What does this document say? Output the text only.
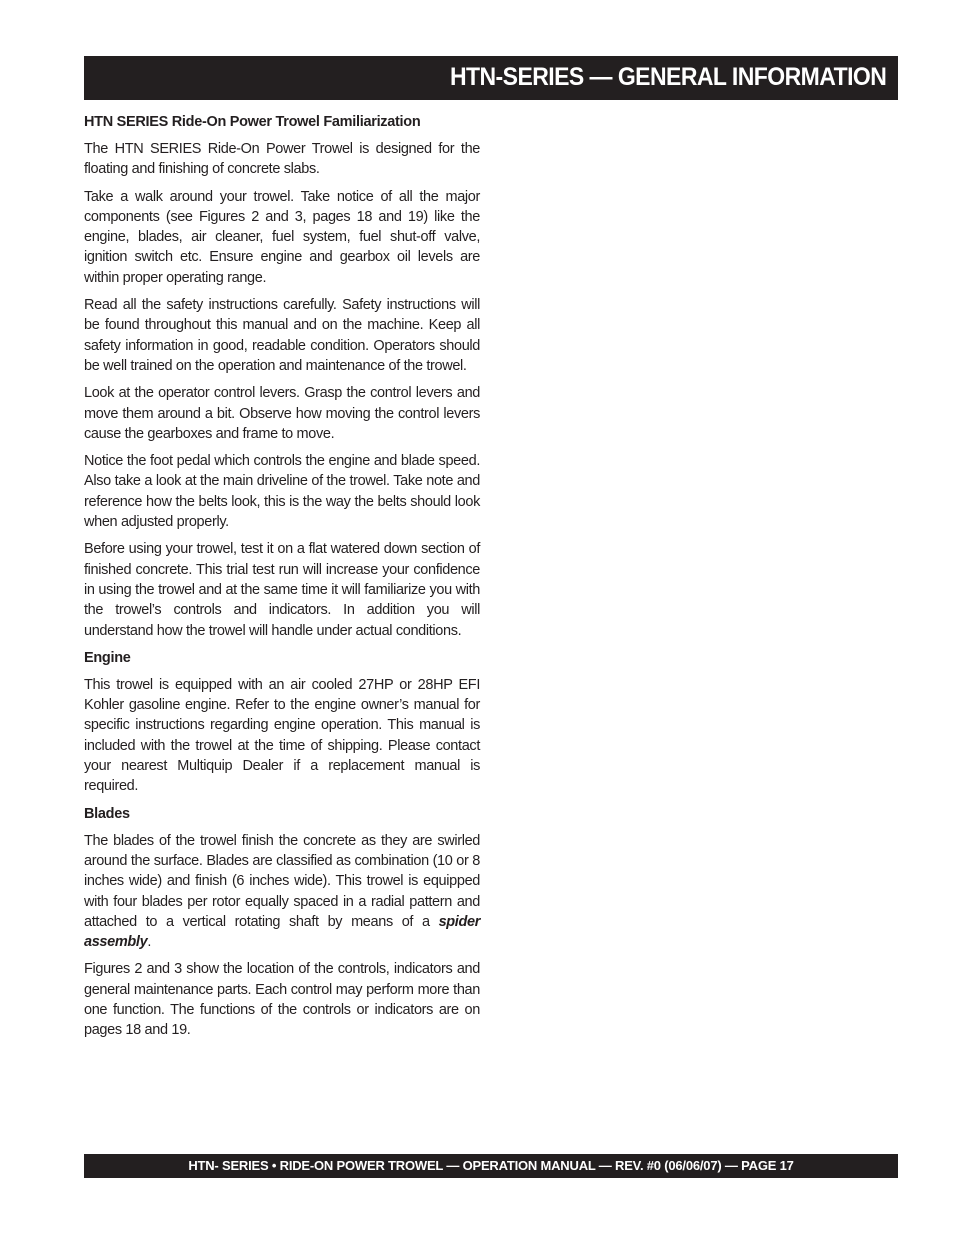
HTN-SERIES — GENERAL INFORMATION
HTN SERIES Ride-On Power Trowel Familiarization

The HTN SERIES Ride-On Power Trowel is designed for the floating and finishing of concrete slabs.

Take a walk around your trowel. Take notice of all the major components (see Figures 2 and 3, pages 18 and 19) like the engine, blades, air cleaner, fuel system, fuel shut-off valve, ignition switch etc. Ensure engine and gearbox oil levels are within proper operating range.

Read all the safety instructions carefully. Safety instructions will be found throughout this manual and on the machine. Keep all safety information in good, readable condition. Operators should be well trained on the operation and maintenance of the trowel.

Look at the operator control levers. Grasp the control levers and move them around a bit. Observe how moving the control levers cause the gearboxes and frame to move.

Notice the foot pedal which controls the engine and blade speed. Also take a look at the main driveline of the trowel. Take note and reference how the belts look, this is the way the belts should look when adjusted properly.

Before using your trowel, test it on a flat watered down section of finished concrete. This trial test run will increase your confidence in using the trowel and at the same time it will familiarize you with the trowel’s controls and indicators. In addition you will understand how the trowel will handle under actual conditions.

Engine

This trowel is equipped with an air cooled 27HP or 28HP EFI Kohler gasoline engine. Refer to the engine owner’s manual for specific instructions regarding engine operation. This manual is included with the trowel at the time of shipping. Please contact your nearest Multiquip Dealer if a replacement manual is required.

Blades

The blades of the trowel finish the concrete as they are swirled around the surface. Blades are classified as combination (10 or 8 inches wide) and finish (6 inches wide). This trowel is equipped with four blades per rotor equally spaced in a radial pattern and attached to a vertical rotating shaft by means of a spider assembly.

Figures 2 and 3 show the location of the controls, indicators and general maintenance parts. Each control may perform more than one function. The functions of the controls or indicators are on pages 18 and 19.

HTN- SERIES • RIDE-ON POWER TROWEL — OPERATION MANUAL — REV. #0 (06/06/07) — PAGE 17
